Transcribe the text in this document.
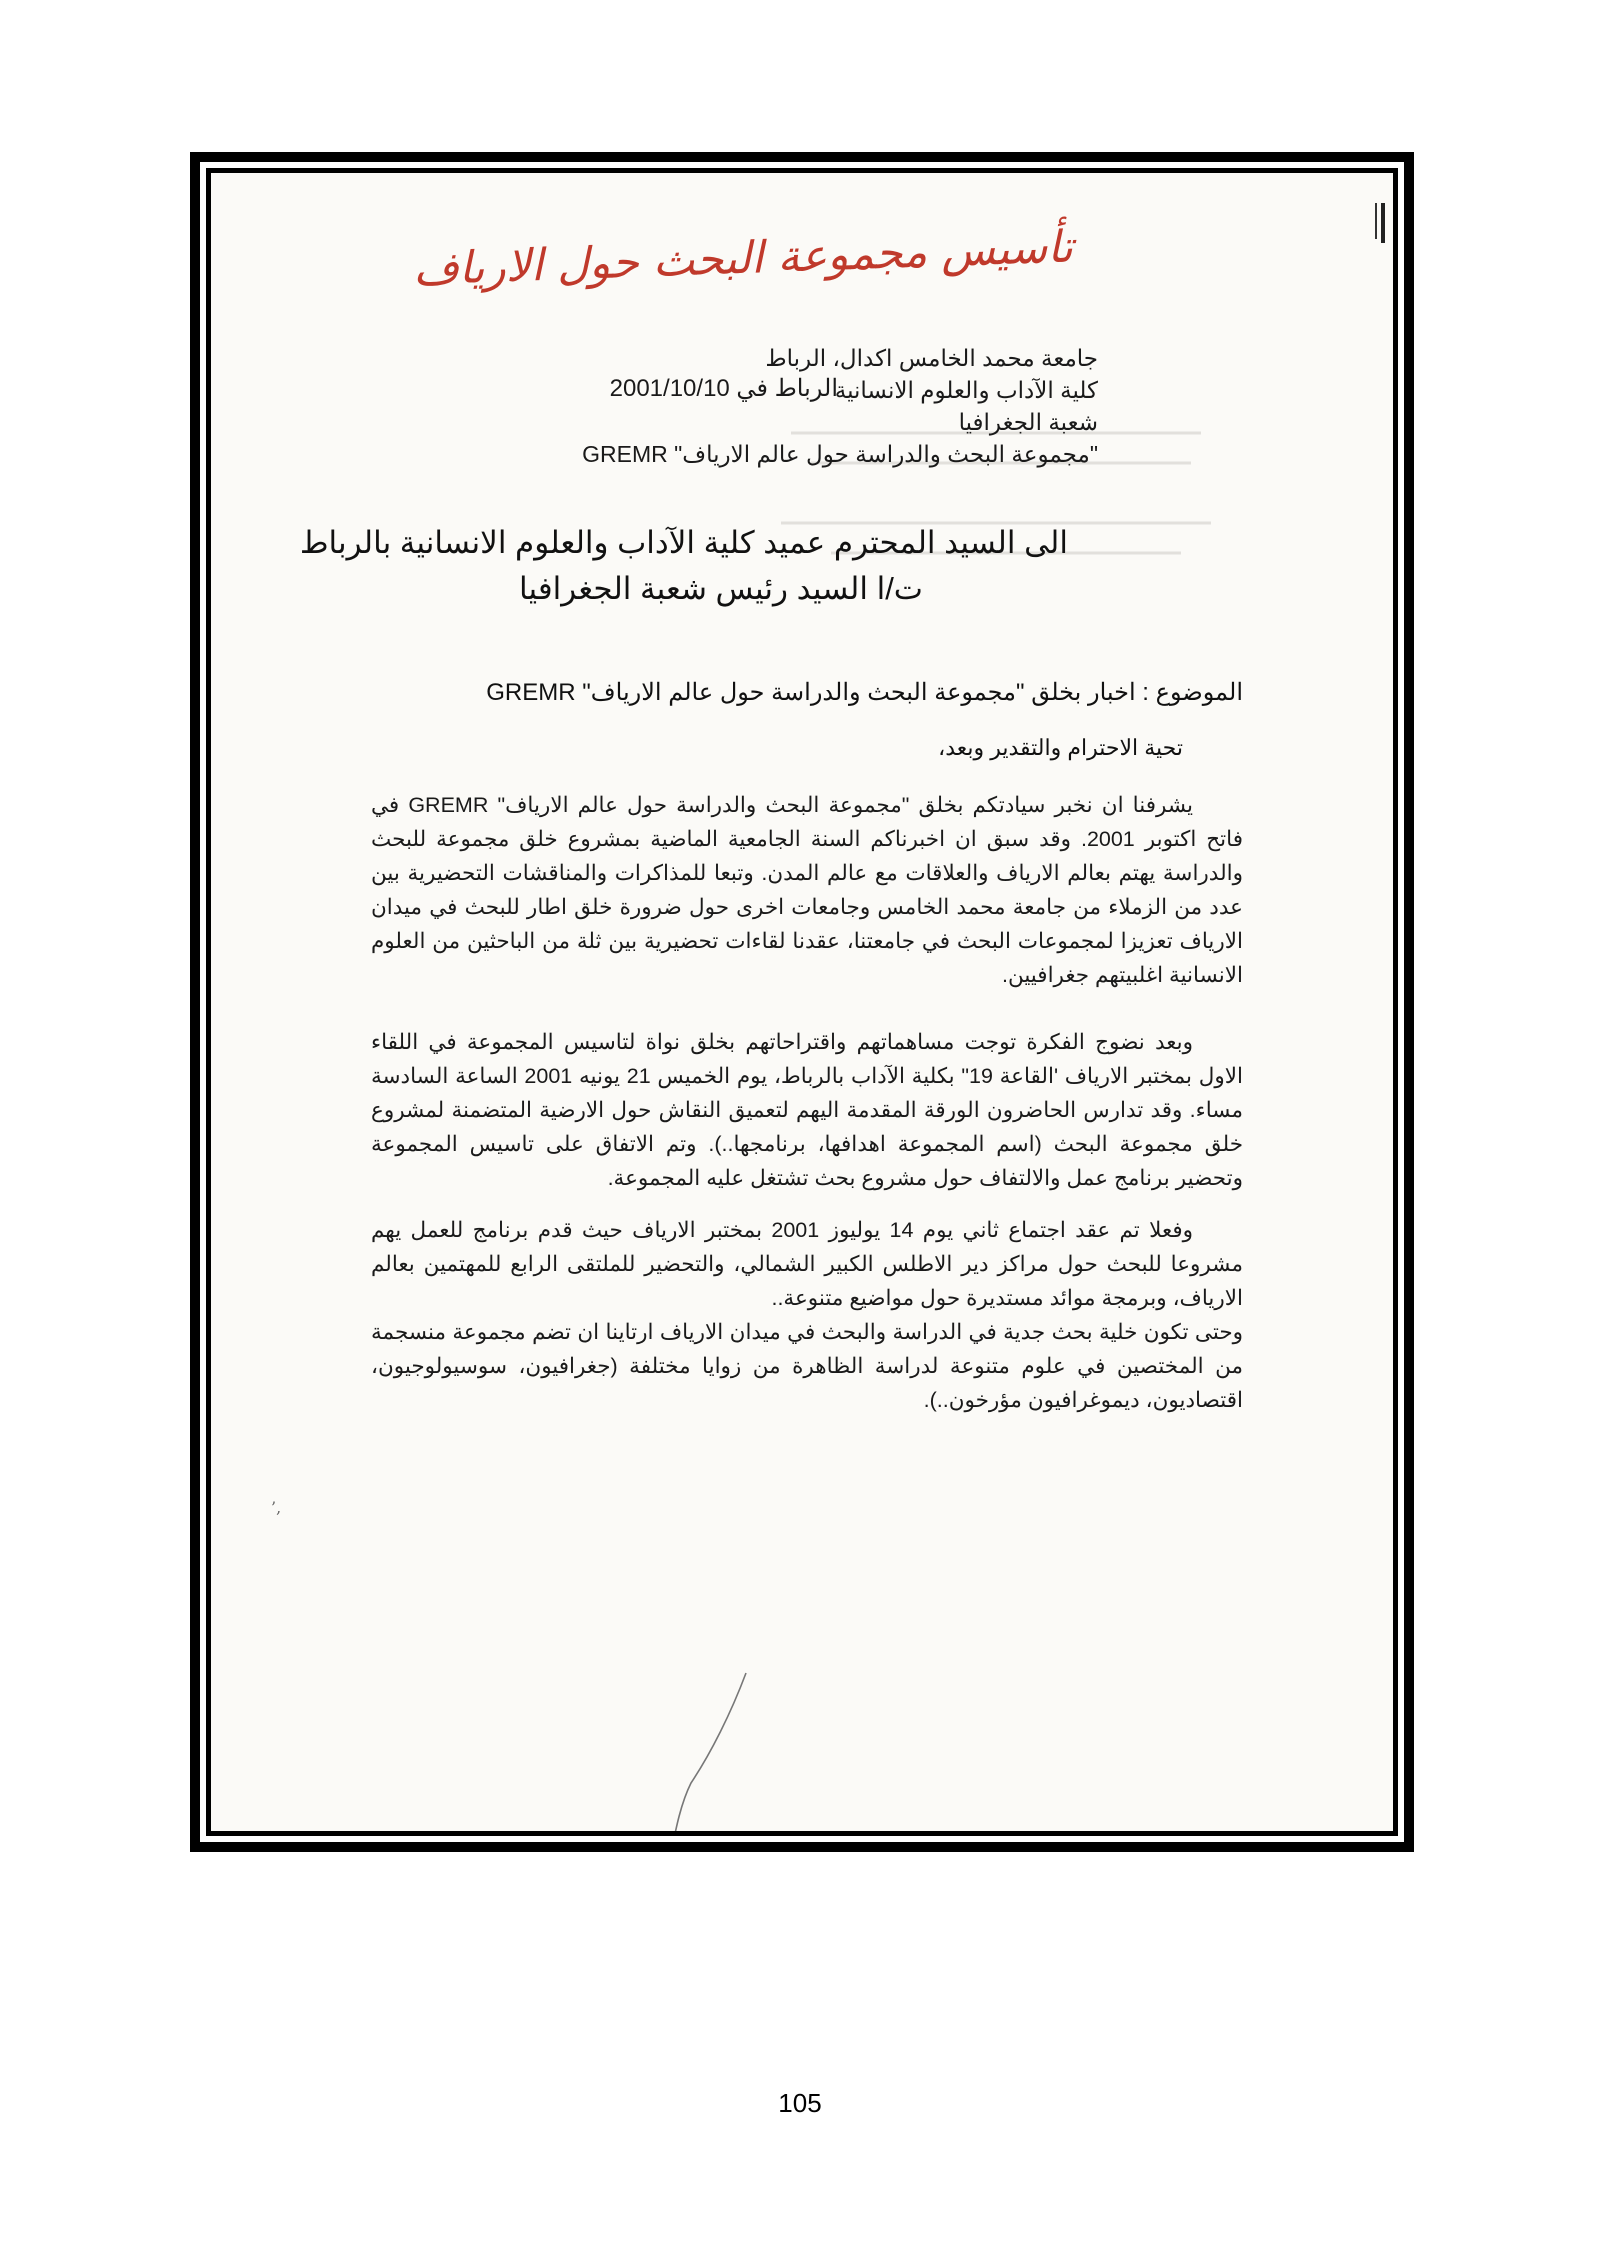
تأسيس مجموعة البحث حول الارياف
جامعة محمد الخامس اكدال، الرباط
كلية الآداب والعلوم الانسانية
الرباط في 2001/10/10
شعبة الجغرافيا
"مجموعة البحث والدراسة حول عالم الارياف" GREMR
الى السيد المحترم عميد كلية الآداب والعلوم الانسانية بالرباط
ت/ا السيد رئيس شعبة الجغرافيا
الموضوع : اخبار بخلق "مجموعة البحث والدراسة حول عالم الارياف" GREMR
تحية الاحترام والتقدير وبعد،

يشرفنا ان نخبر سيادتكم بخلق "مجموعة البحث والدراسة حول عالم الارياف" GREMR في فاتح اكتوبر 2001. وقد سبق ان اخبرناكم السنة الجامعية الماضية بمشروع خلق مجموعة للبحث والدراسة يهتم بعالم الارياف والعلاقات مع عالم المدن. وتبعا للمذاكرات والمناقشات التحضيرية بين عدد من الزملاء من جامعة محمد الخامس وجامعات اخرى حول ضرورة خلق اطار للبحث في ميدان الارياف تعزيزا لمجموعات البحث في جامعتنا، عقدنا لقاءات تحضيرية بين ثلة من الباحثين من العلوم الانسانية اغلبيتهم جغرافيين.

وبعد نضوج الفكرة توجت مساهماتهم واقتراحاتهم بخلق نواة لتاسيس المجموعة في اللقاء الاول بمختبر الارياف 'القاعة 19" بكلية الآداب بالرباط، يوم الخميس 21 يونيه 2001 الساعة السادسة مساء. وقد تدارس الحاضرون الورقة المقدمة اليهم لتعميق النقاش حول الارضية المتضمنة لمشروع خلق مجموعة البحث (اسم المجموعة اهدافها، برنامجها..). وتم الاتفاق على تاسيس المجموعة وتحضير برنامج عمل والالتفاف حول مشروع بحث تشتغل عليه المجموعة.

وفعلا تم عقد اجتماع ثاني يوم 14 يوليوز 2001 بمختبر الارياف حيث قدم برنامج للعمل يهم مشروعا للبحث حول مراكز دير الاطلس الكبير الشمالي، والتحضير للملتقى الرابع للمهتمين بعالم الارياف، وبرمجة موائد مستديرة حول مواضيع متنوعة..

وحتى تكون خلية بحث جدية في الدراسة والبحث في ميدان الارياف ارتاينا ان تضم مجموعة منسجمة من المختصين في علوم متنوعة لدراسة الظاهرة من زوايا مختلفة (جغرافيون، سوسيولوجيون، اقتصاديون، ديموغرافيون مؤرخون..).

’,
105
